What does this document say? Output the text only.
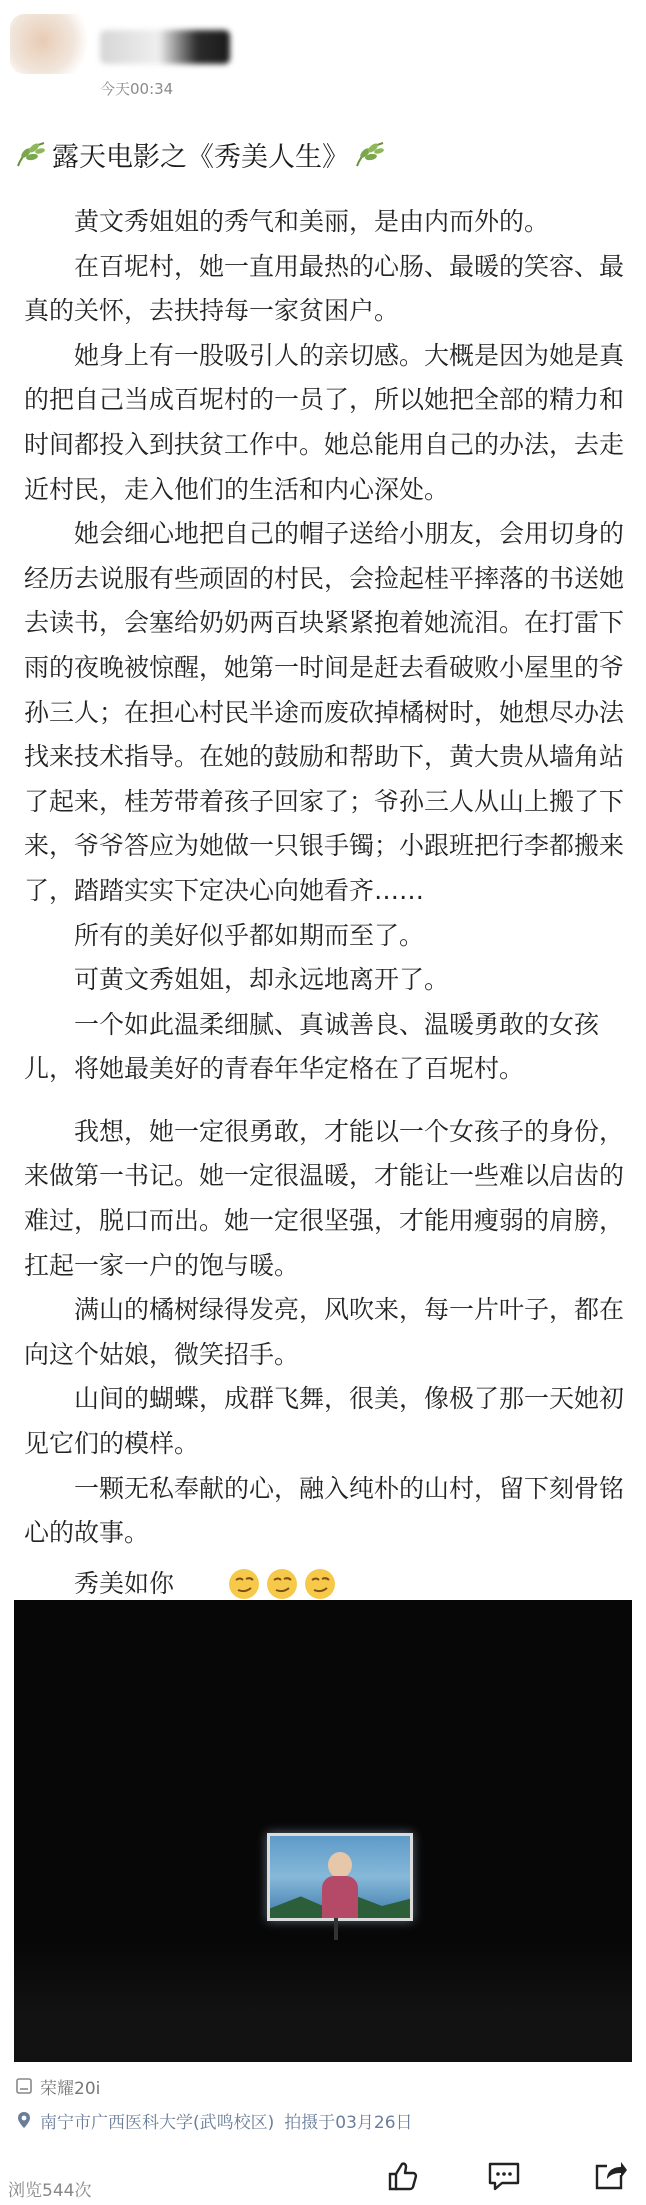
今天00:34
露天电影之《秀美人生》

黄文秀姐姐的秀气和美丽，是由内而外的。

在百坭村，她一直用最热的心肠、最暖的笑容、最真的关怀，去扶持每一家贫困户。

她身上有一股吸引人的亲切感。大概是因为她是真的把自己当成百坭村的一员了，所以她把全部的精力和时间都投入到扶贫工作中。她总能用自己的办法，去走近村民，走入他们的生活和内心深处。

她会细心地把自己的帽子送给小朋友，会用切身的经历去说服有些顽固的村民，会捡起桂平摔落的书送她去读书，会塞给奶奶两百块紧紧抱着她流泪。在打雷下雨的夜晚被惊醒，她第一时间是赶去看破败小屋里的爷孙三人；在担心村民半途而废砍掉橘树时，她想尽办法找来技术指导。在她的鼓励和帮助下，黄大贵从墙角站了起来，桂芳带着孩子回家了；爷孙三人从山上搬了下来，爷爷答应为她做一只银手镯；小跟班把行李都搬来了，踏踏实实下定决心向她看齐……

所有的美好似乎都如期而至了。

可黄文秀姐姐，却永远地离开了。

一个如此温柔细腻、真诚善良、温暖勇敢的女孩儿，将她最美好的青春年华定格在了百坭村。

我想，她一定很勇敢，才能以一个女孩子的身份，来做第一书记。她一定很温暖，才能让一些难以启齿的难过，脱口而出。她一定很坚强，才能用瘦弱的肩膀，扛起一家一户的饱与暖。

满山的橘树绿得发亮，风吹来，每一片叶子，都在向这个姑娘，微笑招手。

山间的蝴蝶，成群飞舞，很美，像极了那一天她初见它们的模样。

一颗无私奉献的心，融入纯朴的山村，留下刻骨铭心的故事。

秀美如你

荣耀20i
南宁市广西医科大学(武鸣校区) 拍摄于03月26日
浏览544次
